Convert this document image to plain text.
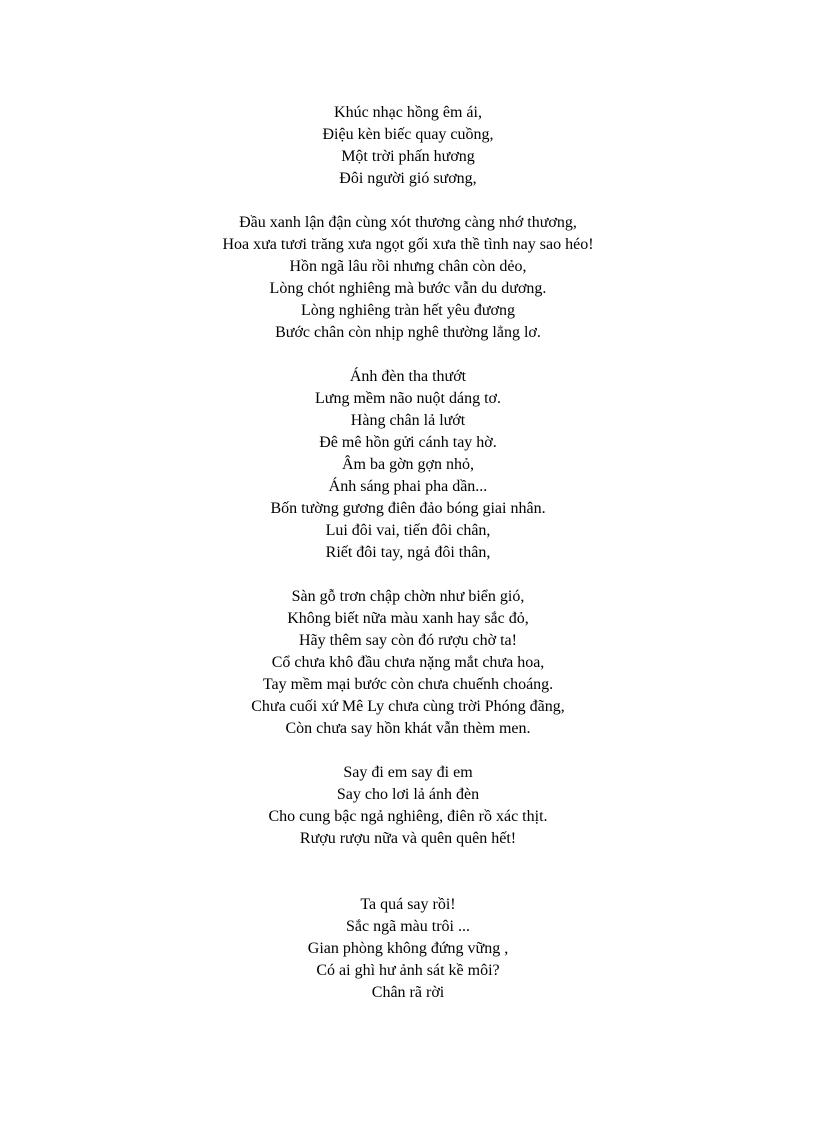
Khúc nhạc hồng êm ái,
Điệu kèn biếc quay cuồng,
Một trời phấn hương
Đôi người gió sương,
Đầu xanh lận đận cùng xót thương càng nhớ thương,
Hoa xưa tươi trăng xưa ngọt gối xưa thề tình nay sao héo!
Hồn ngã lâu rồi nhưng chân còn dẻo,
Lòng chót nghiêng mà bước vẫn du dương.
Lòng nghiêng tràn hết yêu đương
Bước chân còn nhịp nghê thường lẳng lơ.
Ánh đèn tha thướt
Lưng mềm não nuột dáng tơ.
Hàng chân lả lướt
Đê mê hồn gửi cánh tay hờ.
Âm ba gờn gợn nhỏ,
Ánh sáng phai pha dần...
Bốn tường gương điên đảo bóng giai nhân.
Lui đôi vai, tiến đôi chân,
Riết đôi tay, ngả đôi thân,
Sàn gỗ trơn chập chờn như biển gió,
Không biết nữa màu xanh hay sắc đỏ,
Hãy thêm say còn đó rượu chờ ta!
Cổ chưa khô đầu chưa nặng mắt chưa hoa,
Tay mềm mại bước còn chưa chuếnh choáng.
Chưa cuối xứ Mê Ly chưa cùng trời Phóng đãng,
Còn chưa say hồn khát vẫn thèm men.
Say đi em say đi em
Say cho lơi lả ánh đèn
Cho cung bậc ngả nghiêng, điên rồ xác thịt.
Rượu rượu nữa và quên quên hết!
Ta quá say rồi!
Sắc ngã màu trôi ...
Gian phòng không đứng vững ,
Có ai ghì hư ảnh sát kề môi?
Chân rã rời
